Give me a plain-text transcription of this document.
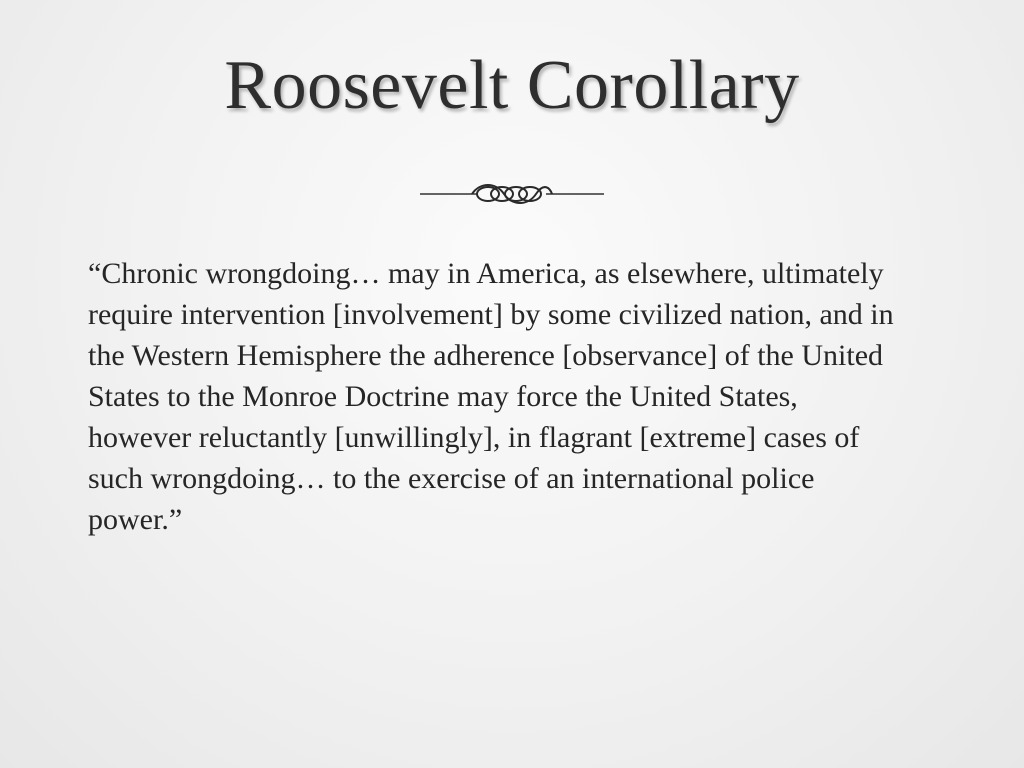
Roosevelt Corollary

“Chronic wrongdoing… may in America, as elsewhere, ultimately require intervention [involvement] by some civilized nation, and in the Western Hemisphere the adherence [observance] of the United States to the Monroe Doctrine may force the United States, however reluctantly [unwillingly], in flagrant [extreme] cases of such wrongdoing… to the exercise of an international police power.”
